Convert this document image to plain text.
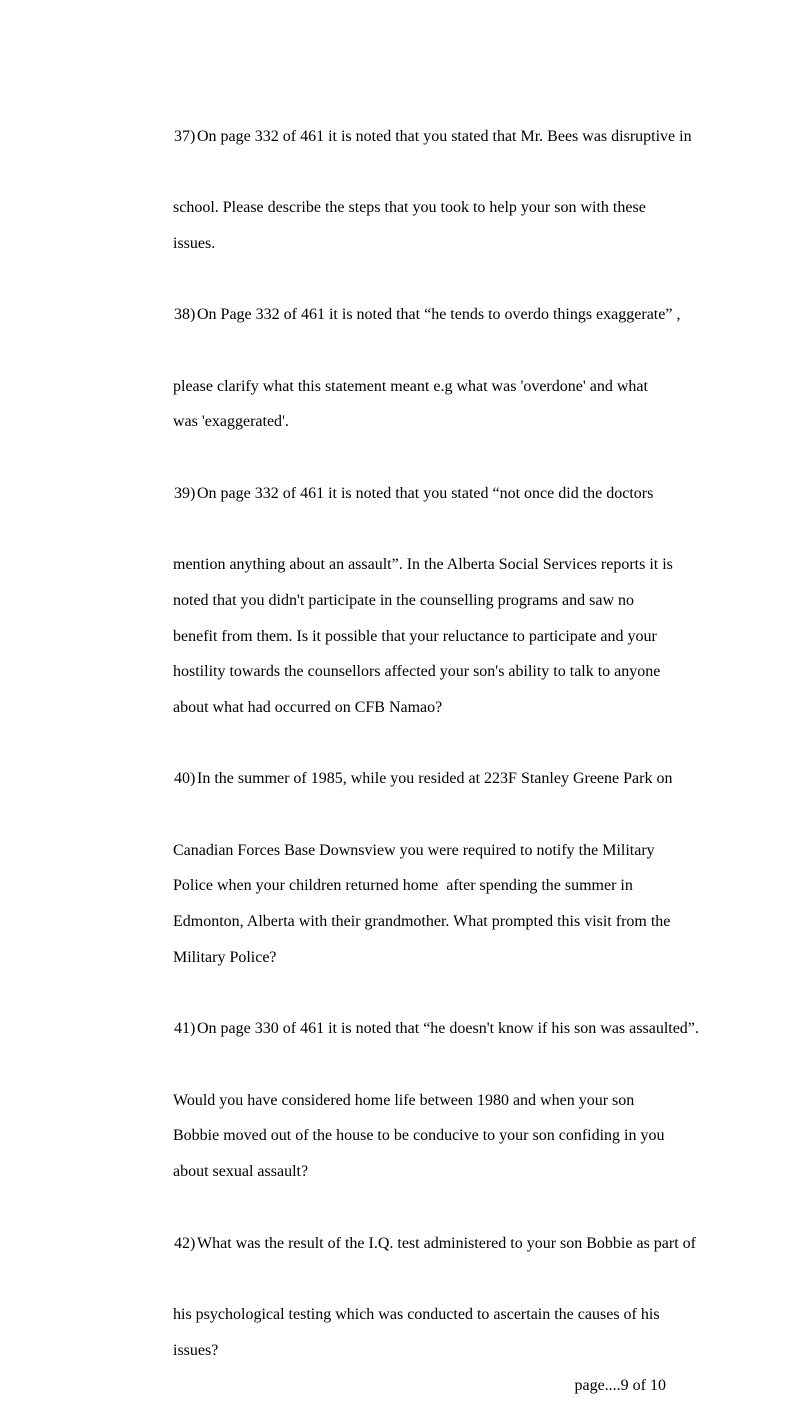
37) On page 332 of 461 it is noted that you stated that Mr. Bees was disruptive in

school. Please describe the steps that you took to help your son with these
issues.

38) On Page 332 of 461 it is noted that “he tends to overdo things exaggerate” ,

please clarify what this statement meant e.g what was 'overdone' and what
was 'exaggerated'.

39) On page 332 of 461 it is noted that you stated “not once did the doctors

mention anything about an assault”. In the Alberta Social Services reports it is
noted that you didn't participate in the counselling programs and saw no
benefit from them. Is it possible that your reluctance to participate and your
hostility towards the counsellors affected your son's ability to talk to anyone
about what had occurred on CFB Namao?

40) In the summer of 1985, while you resided at 223F Stanley Greene Park on

Canadian Forces Base Downsview you were required to notify the Military
Police when your children returned home  after spending the summer in
Edmonton, Alberta with their grandmother. What prompted this visit from the
Military Police?

41) On page 330 of 461 it is noted that “he doesn't know if his son was assaulted”.

Would you have considered home life between 1980 and when your son
Bobbie moved out of the house to be conducive to your son confiding in you
about sexual assault?

42) What was the result of the I.Q. test administered to your son Bobbie as part of

his psychological testing which was conducted to ascertain the causes of his
issues?
page....9 of 10
